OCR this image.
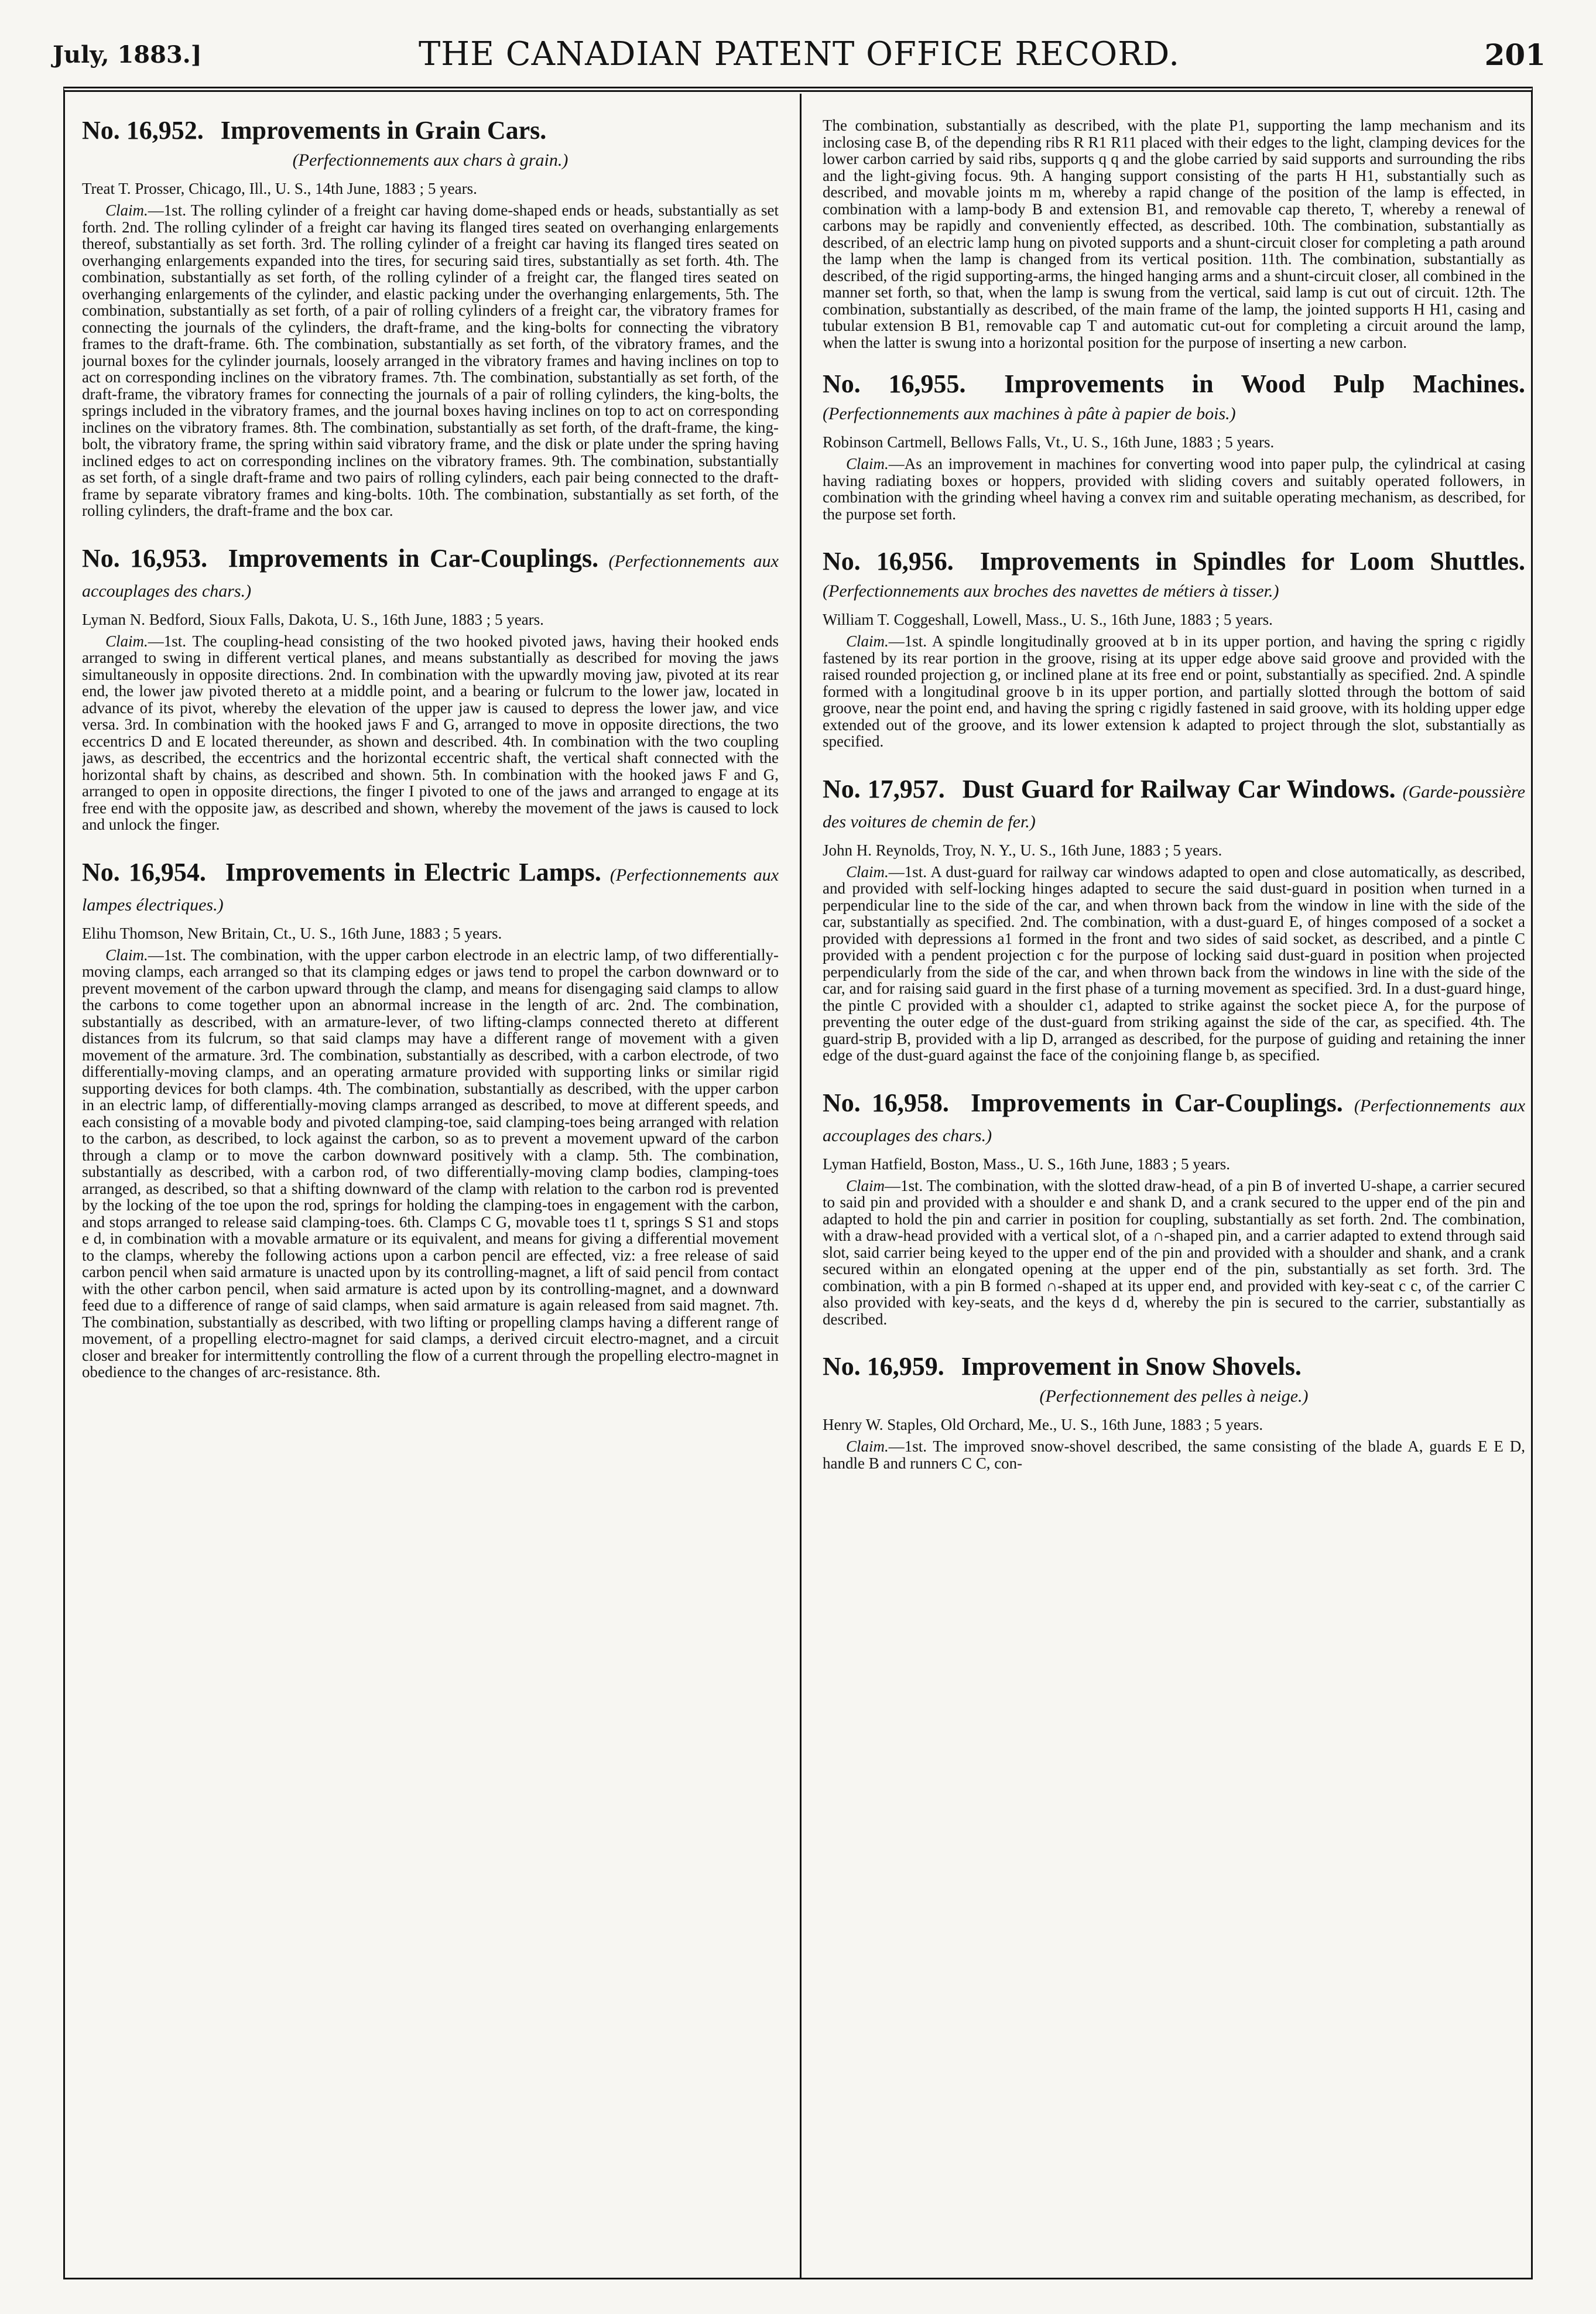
July, 1883.]	THE CANADIAN PATENT OFFICE RECORD.	201
No. 16,952. Improvements in Grain Cars.
(Perfectionnements aux chars à grain.)
Treat T. Prosser, Chicago, Ill., U. S., 14th June, 1883 ; 5 years.

Claim.—1st. The rolling cylinder of a freight car having dome-shaped ends or heads, substantially as set forth. 2nd. The rolling cylinder of a freight car having its flanged tires seated on overhanging enlargements thereof, substantially as set forth. 3rd. The rolling cylinder of a freight car having its flanged tires seated on overhanging enlargements expanded into the tires, for securing said tires, substantially as set forth. 4th. The combination, substantially as set forth, of the rolling cylinder of a freight car, the flanged tires seated on overhanging enlargements of the cylinder, and elastic packing under the overhanging enlargements, 5th. The combination, substantially as set forth, of a pair of rolling cylinders of a freight car, the vibratory frames for connecting the journals of the cylinders, the draft-frame, and the king-bolts for connecting the vibratory frames to the draft-frame. 6th. The combination, substantially as set forth, of the vibratory frames, and the journal boxes for the cylinder journals, loosely arranged in the vibratory frames and having inclines on top to act on corresponding inclines on the vibratory frames. 7th. The combination, substantially as set forth, of the draft-frame, the vibratory frames for connecting the journals of a pair of rolling cylinders, the king-bolts, the springs included in the vibratory frames, and the journal boxes having inclines on top to act on corresponding inclines on the vibratory frames. 8th. The combination, substantially as set forth, of the draft-frame, the king-bolt, the vibratory frame, the spring within said vibratory frame, and the disk or plate under the spring having inclined edges to act on corresponding inclines on the vibratory frames. 9th. The combination, substantially as set forth, of a single draft-frame and two pairs of rolling cylinders, each pair being connected to the draft-frame by separate vibratory frames and king-bolts. 10th. The combination, substantially as set forth, of the rolling cylinders, the draft-frame and the box car.

No. 16,953. Improvements in Car-Couplings. (Perfectionnements aux accouplages des chars.)
Lyman N. Bedford, Sioux Falls, Dakota, U. S., 16th June, 1883 ; 5 years.

Claim.—1st. The coupling-head consisting of the two hooked pivoted jaws, having their hooked ends arranged to swing in different vertical planes, and means substantially as described for moving the jaws simultaneously in opposite directions. 2nd. In combination with the upwardly moving jaw, pivoted at its rear end, the lower jaw pivoted thereto at a middle point, and a bearing or fulcrum to the lower jaw, located in advance of its pivot, whereby the elevation of the upper jaw is caused to depress the lower jaw, and vice versa. 3rd. In combination with the hooked jaws F and G, arranged to move in opposite directions, the two eccentrics D and E located thereunder, as shown and described. 4th. In combination with the two coupling jaws, as described, the eccentrics and the horizontal eccentric shaft, the vertical shaft connected with the horizontal shaft by chains, as described and shown. 5th. In combination with the hooked jaws F and G, arranged to open in opposite directions, the finger I pivoted to one of the jaws and arranged to engage at its free end with the opposite jaw, as described and shown, whereby the movement of the jaws is caused to lock and unlock the finger.

No. 16,954. Improvements in Electric Lamps. (Perfectionnements aux lampes électriques.)
Elihu Thomson, New Britain, Ct., U. S., 16th June, 1883 ; 5 years.

Claim.—1st. The combination, with the upper carbon electrode in an electric lamp, of two differentially-moving clamps, each arranged so that its clamping edges or jaws tend to propel the carbon downward or to prevent movement of the carbon upward through the clamp, and means for disengaging said clamps to allow the carbons to come together upon an abnormal increase in the length of arc. 2nd. The combination, substantially as described, with an armature-lever, of two lifting-clamps connected thereto at different distances from its fulcrum, so that said clamps may have a different range of movement with a given movement of the armature. 3rd. The combination, substantially as described, with a carbon electrode, of two differentially-moving clamps, and an operating armature provided with supporting links or similar rigid supporting devices for both clamps. 4th. The combination, substantially as described, with the upper carbon in an electric lamp, of differentially-moving clamps arranged as described, to move at different speeds, and each consisting of a movable body and pivoted clamping-toe, said clamping-toes being arranged with relation to the carbon, as described, to lock against the carbon, so as to prevent a movement upward of the carbon through a clamp or to move the carbon downward positively with a clamp. 5th. The combination, substantially as described, with a carbon rod, of two differentially-moving clamp bodies, clamping-toes arranged, as described, so that a shifting downward of the clamp with relation to the carbon rod is prevented by the locking of the toe upon the rod, springs for holding the clamping-toes in engagement with the carbon, and stops arranged to release said clamping-toes. 6th. Clamps C G, movable toes t1 t, springs S S1 and stops e d, in combination with a movable armature or its equivalent, and means for giving a differential movement to the clamps, whereby the following actions upon a carbon pencil are effected, viz: a free release of said carbon pencil when said armature is unacted upon by its controlling-magnet, a lift of said pencil from contact with the other carbon pencil, when said armature is acted upon by its controlling-magnet, and a downward feed due to a difference of range of said clamps, when said armature is again released from said magnet. 7th. The combination, substantially as described, with two lifting or propelling clamps having a different range of movement, of a propelling electro-magnet for said clamps, a derived circuit electro-magnet, and a circuit closer and breaker for intermittently controlling the flow of a current through the propelling electro-magnet in obedience to the changes of arc-resistance. 8th.

The combination, substantially as described, with the plate P1, supporting the lamp mechanism and its inclosing case B, of the depending ribs R R1 R11 placed with their edges to the light, clamping devices for the lower carbon carried by said ribs, supports q q and the globe carried by said supports and surrounding the ribs and the light-giving focus. 9th. A hanging support consisting of the parts H H1, substantially such as described, and movable joints m m, whereby a rapid change of the position of the lamp is effected, in combination with a lamp-body B and extension B1, and removable cap thereto, T, whereby a renewal of carbons may be rapidly and conveniently effected, as described. 10th. The combination, substantially as described, of an electric lamp hung on pivoted supports and a shunt-circuit closer for completing a path around the lamp when the lamp is changed from its vertical position. 11th. The combination, substantially as described, of the rigid supporting-arms, the hinged hanging arms and a shunt-circuit closer, all combined in the manner set forth, so that, when the lamp is swung from the vertical, said lamp is cut out of circuit. 12th. The combination, substantially as described, of the main frame of the lamp, the jointed supports H H1, casing and tubular extension B B1, removable cap T and automatic cut-out for completing a circuit around the lamp, when the latter is swung into a horizontal position for the purpose of inserting a new carbon.

No. 16,955. Improvements in Wood Pulp Machines. (Perfectionnements aux machines à pâte à papier de bois.)
Robinson Cartmell, Bellows Falls, Vt., U. S., 16th June, 1883 ; 5 years.

Claim.—As an improvement in machines for converting wood into paper pulp, the cylindrical at casing having radiating boxes or hoppers, provided with sliding covers and suitably operated followers, in combination with the grinding wheel having a convex rim and suitable operating mechanism, as described, for the purpose set forth.

No. 16,956. Improvements in Spindles for Loom Shuttles. (Perfectionnements aux broches des navettes de métiers à tisser.)
William T. Coggeshall, Lowell, Mass., U. S., 16th June, 1883 ; 5 years.

Claim.—1st. A spindle longitudinally grooved at b in its upper portion, and having the spring c rigidly fastened by its rear portion in the groove, rising at its upper edge above said groove and provided with the raised rounded projection g, or inclined plane at its free end or point, substantially as specified. 2nd. A spindle formed with a longitudinal groove b in its upper portion, and partially slotted through the bottom of said groove, near the point end, and having the spring c rigidly fastened in said groove, with its holding upper edge extended out of the groove, and its lower extension k adapted to project through the slot, substantially as specified.

No. 17,957. Dust Guard for Railway Car Windows. (Garde-poussière des voitures de chemin de fer.)
John H. Reynolds, Troy, N. Y., U. S., 16th June, 1883 ; 5 years.

Claim.—1st. A dust-guard for railway car windows adapted to open and close automatically, as described, and provided with self-locking hinges adapted to secure the said dust-guard in position when turned in a perpendicular line to the side of the car, and when thrown back from the window in line with the side of the car, substantially as specified. 2nd. The combination, with a dust-guard E, of hinges composed of a socket a provided with depressions a1 formed in the front and two sides of said socket, as described, and a pintle C provided with a pendent projection c for the purpose of locking said dust-guard in position when projected perpendicularly from the side of the car, and when thrown back from the windows in line with the side of the car, and for raising said guard in the first phase of a turning movement as specified. 3rd. In a dust-guard hinge, the pintle C provided with a shoulder c1, adapted to strike against the socket piece A, for the purpose of preventing the outer edge of the dust-guard from striking against the side of the car, as specified. 4th. The guard-strip B, provided with a lip D, arranged as described, for the purpose of guiding and retaining the inner edge of the dust-guard against the face of the conjoining flange b, as specified.

No. 16,958. Improvements in Car-Couplings. (Perfectionnements aux accouplages des chars.)
Lyman Hatfield, Boston, Mass., U. S., 16th June, 1883 ; 5 years.

Claim—1st. The combination, with the slotted draw-head, of a pin B of inverted U-shape, a carrier secured to said pin and provided with a shoulder e and shank D, and a crank secured to the upper end of the pin and adapted to hold the pin and carrier in position for coupling, substantially as set forth. 2nd. The combination, with a draw-head provided with a vertical slot, of a ∩-shaped pin, and a carrier adapted to extend through said slot, said carrier being keyed to the upper end of the pin and provided with a shoulder and shank, and a crank secured within an elongated opening at the upper end of the pin, substantially as set forth. 3rd. The combination, with a pin B formed ∩-shaped at its upper end, and provided with key-seat c c, of the carrier C also provided with key-seats, and the keys d d, whereby the pin is secured to the carrier, substantially as described.

No. 16,959. Improvement in Snow Shovels.
(Perfectionnement des pelles à neige.)
Henry W. Staples, Old Orchard, Me., U. S., 16th June, 1883 ; 5 years.

Claim.—1st. The improved snow-shovel described, the same consisting of the blade A, guards E E D, handle B and runners C C, con-
